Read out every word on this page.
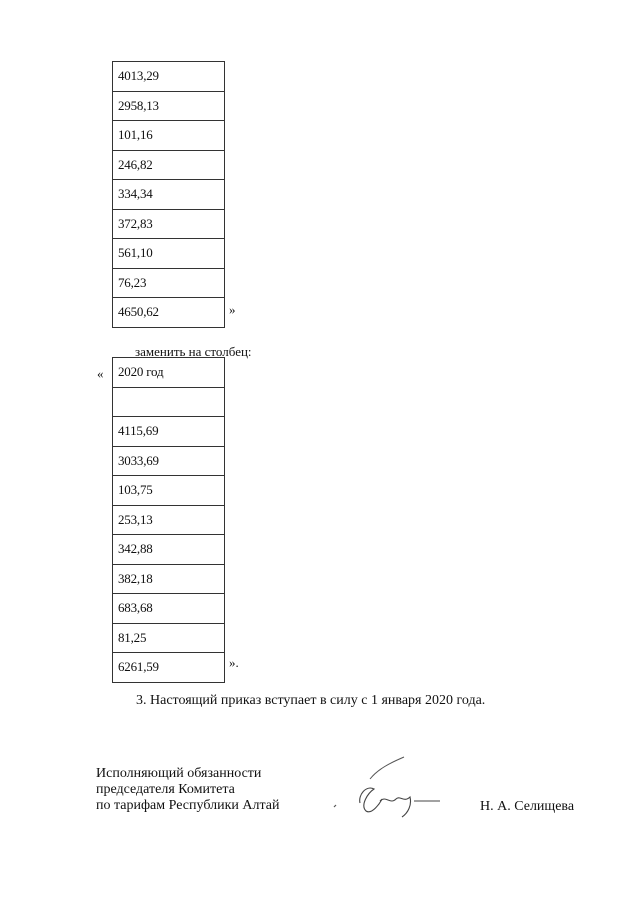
4013,29
2958,13
101,16
246,82
334,34
372,83
561,10
76,23
4650,62	»
заменить на столбец:
« 2020 год

4115,69
3033,69
103,75
253,13
342,88
382,18
683,68
81,25
6261,59	».
3. Настоящий приказ вступает в силу с 1 января 2020 года.
Исполняющий обязанности
председателя Комитета
по тарифам Республики Алтай	Н. А. Селищева
